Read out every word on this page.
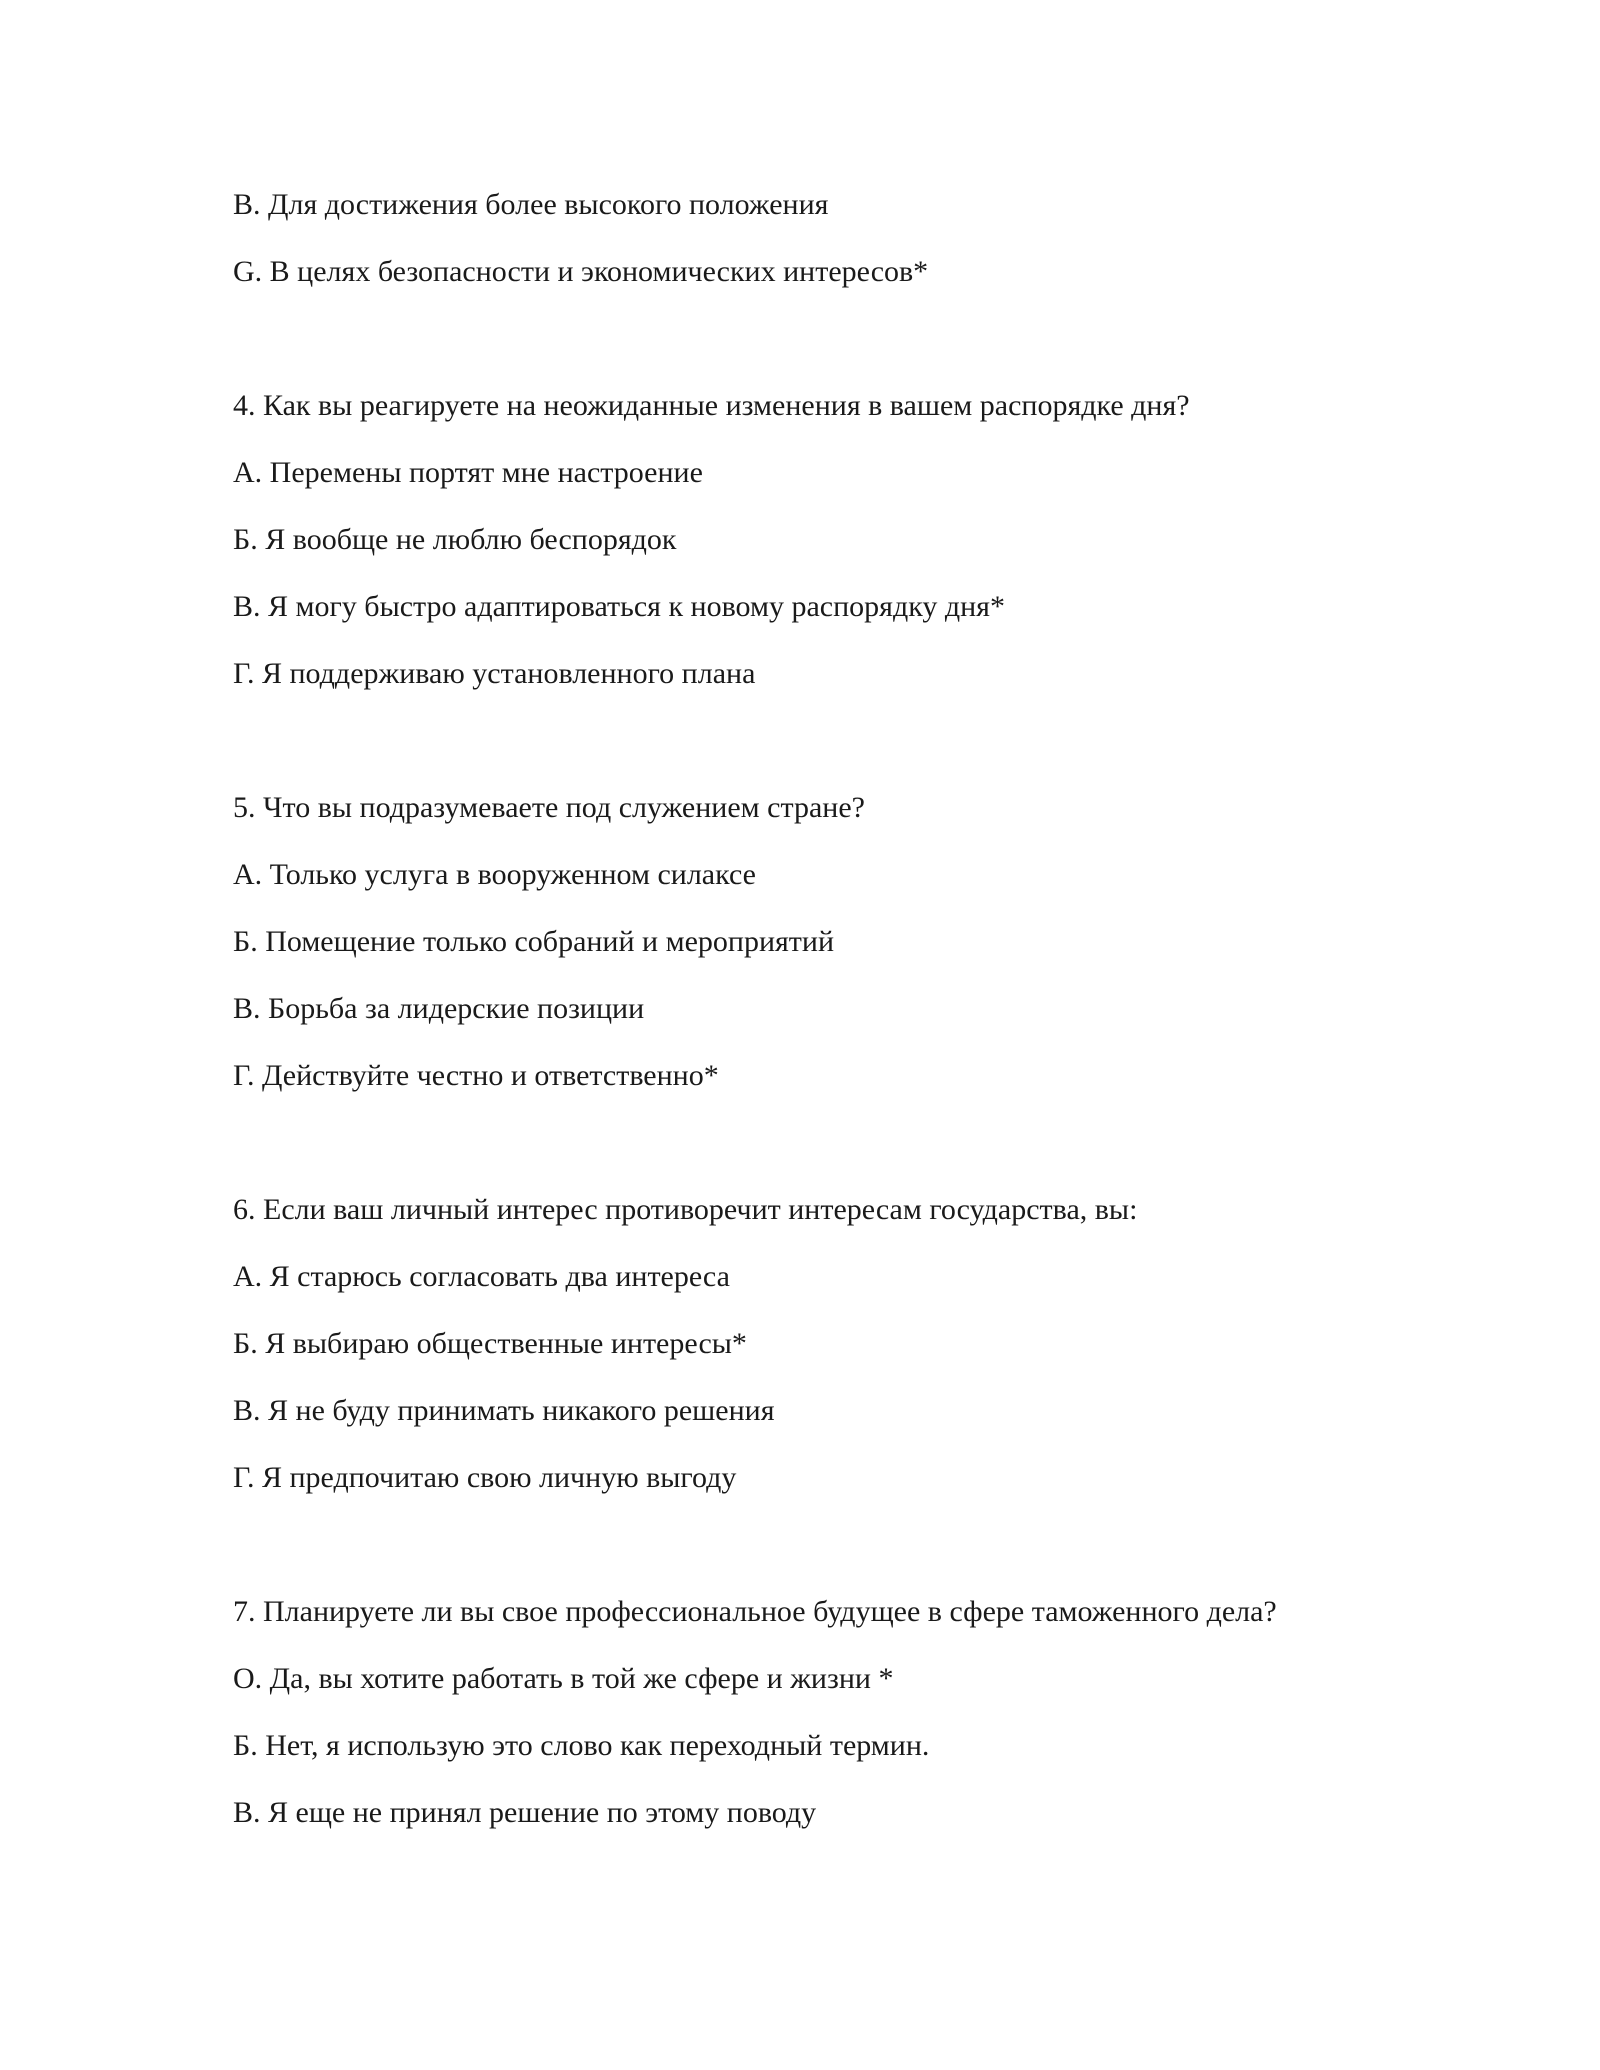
B. Для достижения более высокого положения
G. В целях безопасности и экономических интересов*
4. Как вы реагируете на неожиданные изменения в вашем распорядке дня?
A. Перемены портят мне настроение
Б. Я вообще не люблю беспорядок
В. Я могу быстро адаптироваться к новому распорядку дня*
Г. Я поддерживаю установленного плана
5. Что вы подразумеваете под служением стране?
A. Только услуга в вооруженном силаксе
Б. Помещение только собраний и мероприятий
В. Борьба за лидерские позиции
Г. Действуйте честно и ответственно*
6. Если ваш личный интерес противоречит интересам государства, вы:
A. Я старюсь согласовать два интереса
Б. Я выбираю общественные интересы*
В. Я не буду принимать никакого решения
Г. Я предпочитаю свою личную выгоду
7. Планируете ли вы свое профессиональное будущее в сфере таможенного дела?
О. Да, вы хотите работать в той же сфере и жизни *
Б. Нет, я использую это слово как переходный термин.
В. Я еще не принял решение по этому поводу
